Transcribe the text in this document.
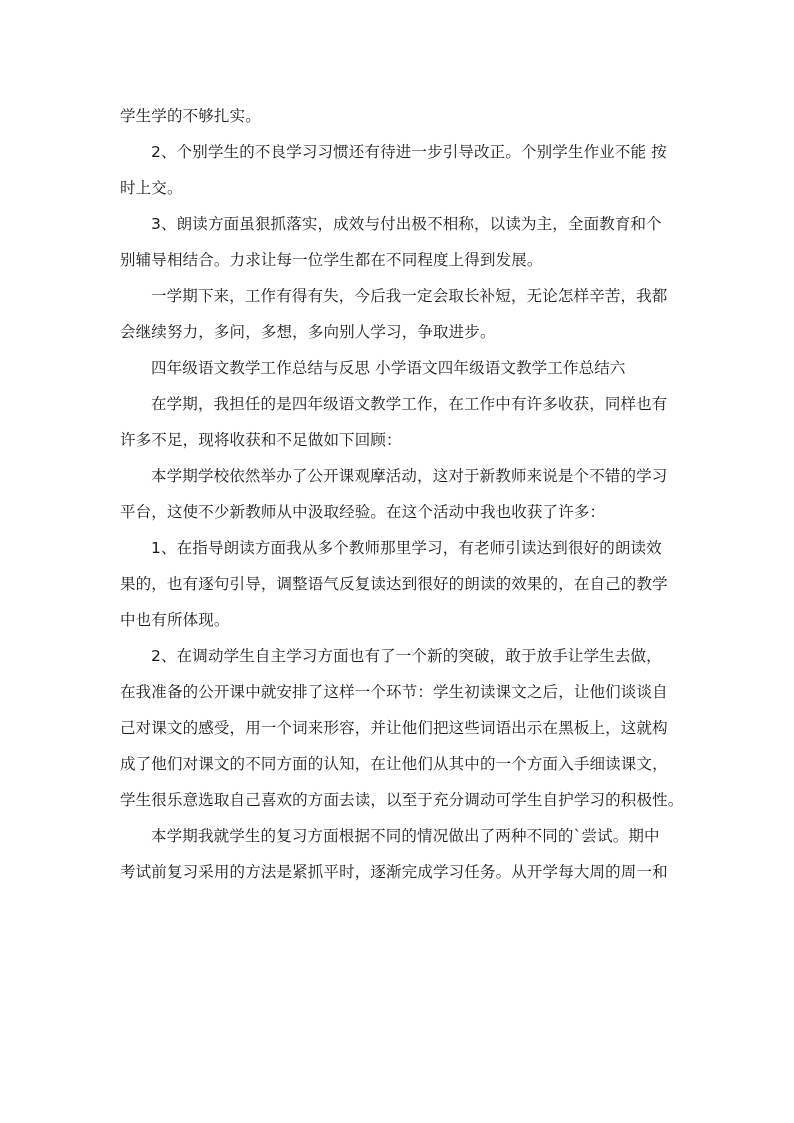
学生学的不够扎实。
2、个别学生的不良学习习惯还有待进一步引导改正。个别学生作业不能 按
时上交。
3、朗读方面虽狠抓落实，成效与付出极不相称，以读为主，全面教育和个
别辅导相结合。力求让每一位学生都在不同程度上得到发展。
一学期下来，工作有得有失，今后我一定会取长补短，无论怎样辛苦，我都
会继续努力，多问，多想，多向别人学习，争取进步。
四年级语文教学工作总结与反思 小学语文四年级语文教学工作总结六
在学期，我担任的是四年级语文教学工作，在工作中有许多收获，同样也有
许多不足，现将收获和不足做如下回顾：
本学期学校依然举办了公开课观摩活动，这对于新教师来说是个不错的学习
平台，这使不少新教师从中汲取经验。在这个活动中我也收获了许多：
1、在指导朗读方面我从多个教师那里学习，有老师引读达到很好的朗读效
果的，也有逐句引导，调整语气反复读达到很好的朗读的效果的，在自己的教学
中也有所体现。
2、在调动学生自主学习方面也有了一个新的突破，敢于放手让学生去做，
在我准备的公开课中就安排了这样一个环节：学生初读课文之后，让他们谈谈自
己对课文的感受，用一个词来形容，并让他们把这些词语出示在黑板上，这就构
成了他们对课文的不同方面的认知，在让他们从其中的一个方面入手细读课文，
学生很乐意选取自己喜欢的方面去读，以至于充分调动可学生自护学习的积极性。
本学期我就学生的复习方面根据不同的情况做出了两种不同的`尝试。期中
考试前复习采用的方法是紧抓平时，逐渐完成学习任务。从开学每大周的周一和
